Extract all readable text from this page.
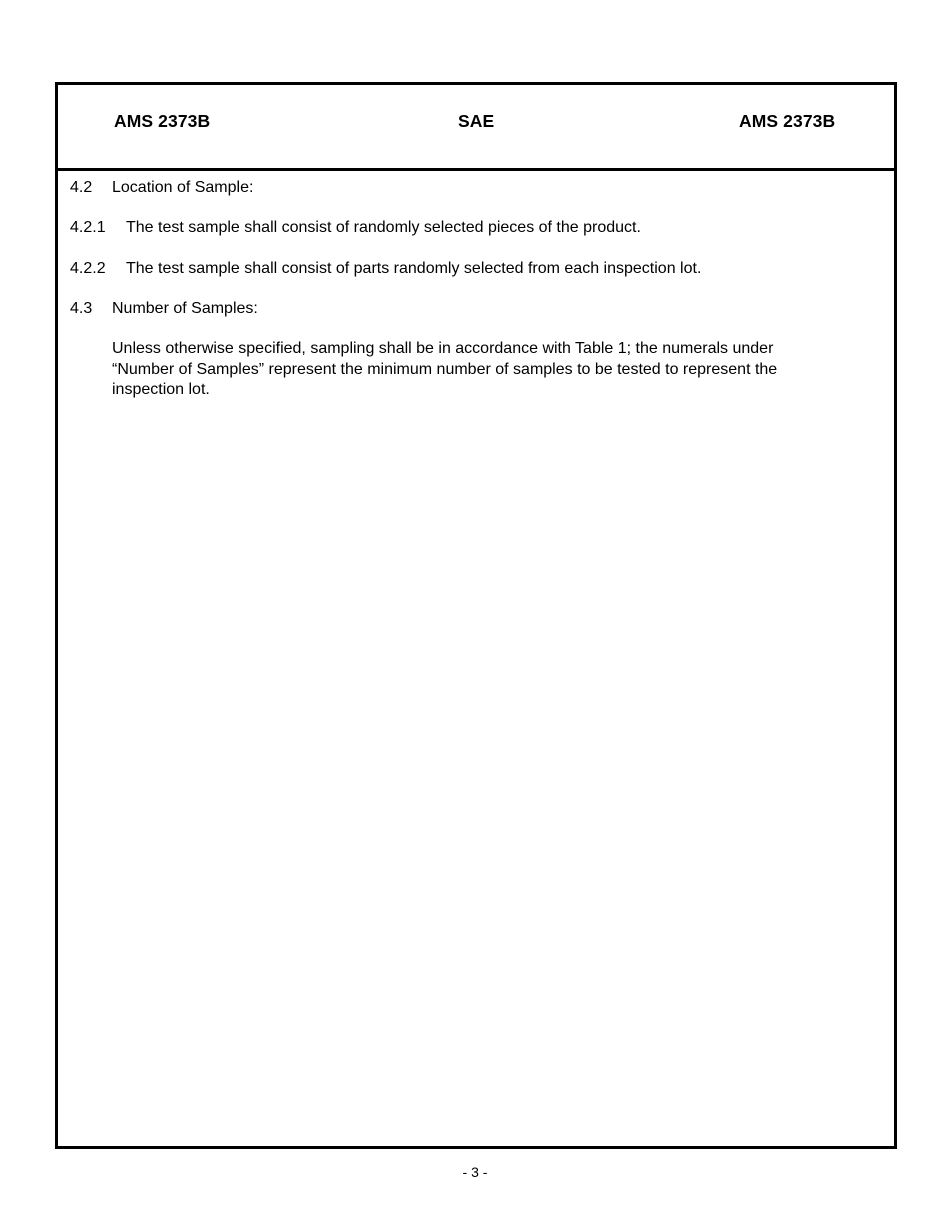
AMS 2373B	SAE	AMS 2373B
4.2 Location of Sample:
4.2.1 The test sample shall consist of randomly selected pieces of the product.
4.2.2 The test sample shall consist of parts randomly selected from each inspection lot.
4.3 Number of Samples:
Unless otherwise specified, sampling shall be in accordance with Table 1; the numerals under
“Number of Samples” represent the minimum number of samples to be tested to represent the
inspection lot.
- 3 -
